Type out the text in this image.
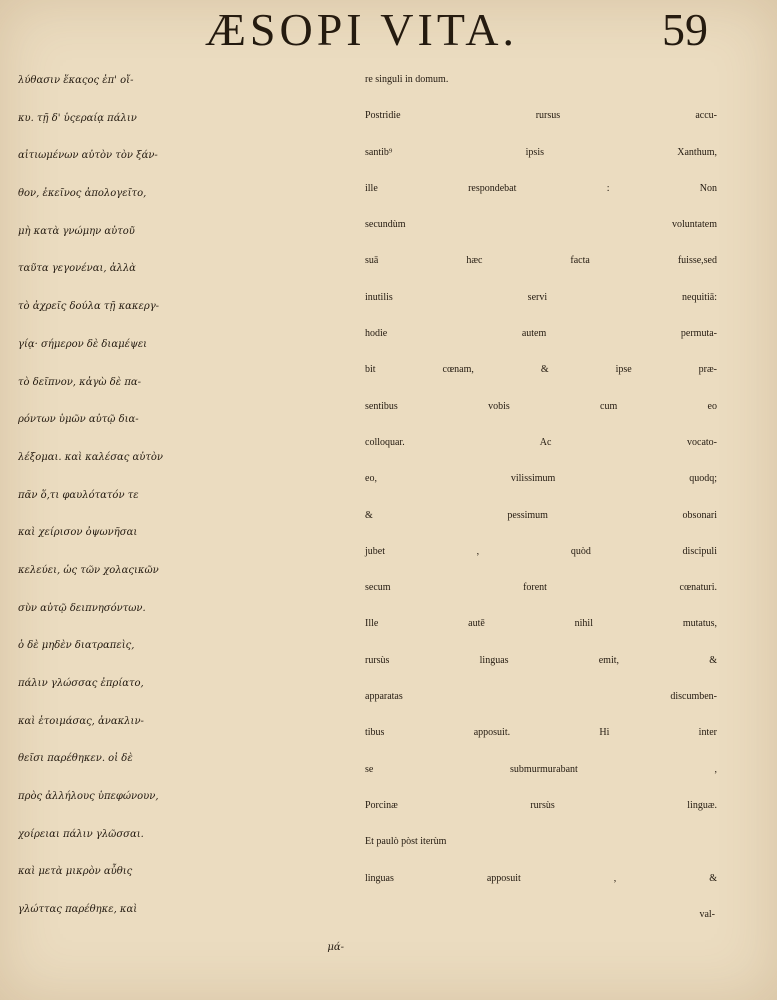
ÆSOPI VITA.	59
λύθασιν ἕκαςος ἐπ' οἴ-
κυ. τῇ δ' ὑςεραίᾳ πάλιν
αἰτιωμένων αὐτὸν τὸν ξάν-
θον, ἐκεῖνος ἀπολογεῖτο,
μὴ κατὰ γνώμην αὐτοῦ
ταῦτα γεγονέναι, ἀλλὰ
τὸ ἀχρεῖς δούλα τῇ κακεργ-
γίᾳ· σήμερον δὲ διαμέψει
τὸ δεῖπνον, κἀγὼ δὲ πα-
ρόντων ὑμῶν αὐτῷ δια-
λέξομαι. καὶ καλέσας αὐτὸν
πᾶν ὅ,τι φαυλότατόν τε
καὶ χείρισον ὀψωνῆσαι
κελεύει, ὡς τῶν χολαςικῶν
σὺν αὐτῷ δειπνησόντων.
ὁ δὲ μηδὲν διατραπεὶς,
πάλιν γλώσσας ἐπρίατο,
καὶ ἑτοιμάσας, ἀνακλιν-
θεῖσι παρέθηκεν. οἱ δὲ
πρὸς ἀλλήλους ὑπεφώνουν,
χοίρειαι πάλιν γλῶσσαι.
καὶ μετὰ μικρὸν αὖθις
γλώττας παρέθηκε, καὶ
μά-
re singuli in domum.
Postridie rursus accu-
santib⁹ ipsis Xanthum,
ille respondebat : Non
secundùm voluntatem
suā hæc facta fuisse,sed
inutilis servi nequitiā:
hodie autem permuta-
bit cœnam, & ipse præ-
sentibus vobis cum eo
colloquar. Ac vocato-
eo, vilissimum quodq;
& pessimum obsonari
jubet , quòd discipuli
secum forent cœnaturi.
Ille autē nihil mutatus,
rursùs linguas emit, &
apparatas discumben-
tibus apposuit. Hi inter
se submurmurabant ,
Porcinæ rursùs linguæ.
Et paulò pòst iterùm
linguas apposuit , &
val-
